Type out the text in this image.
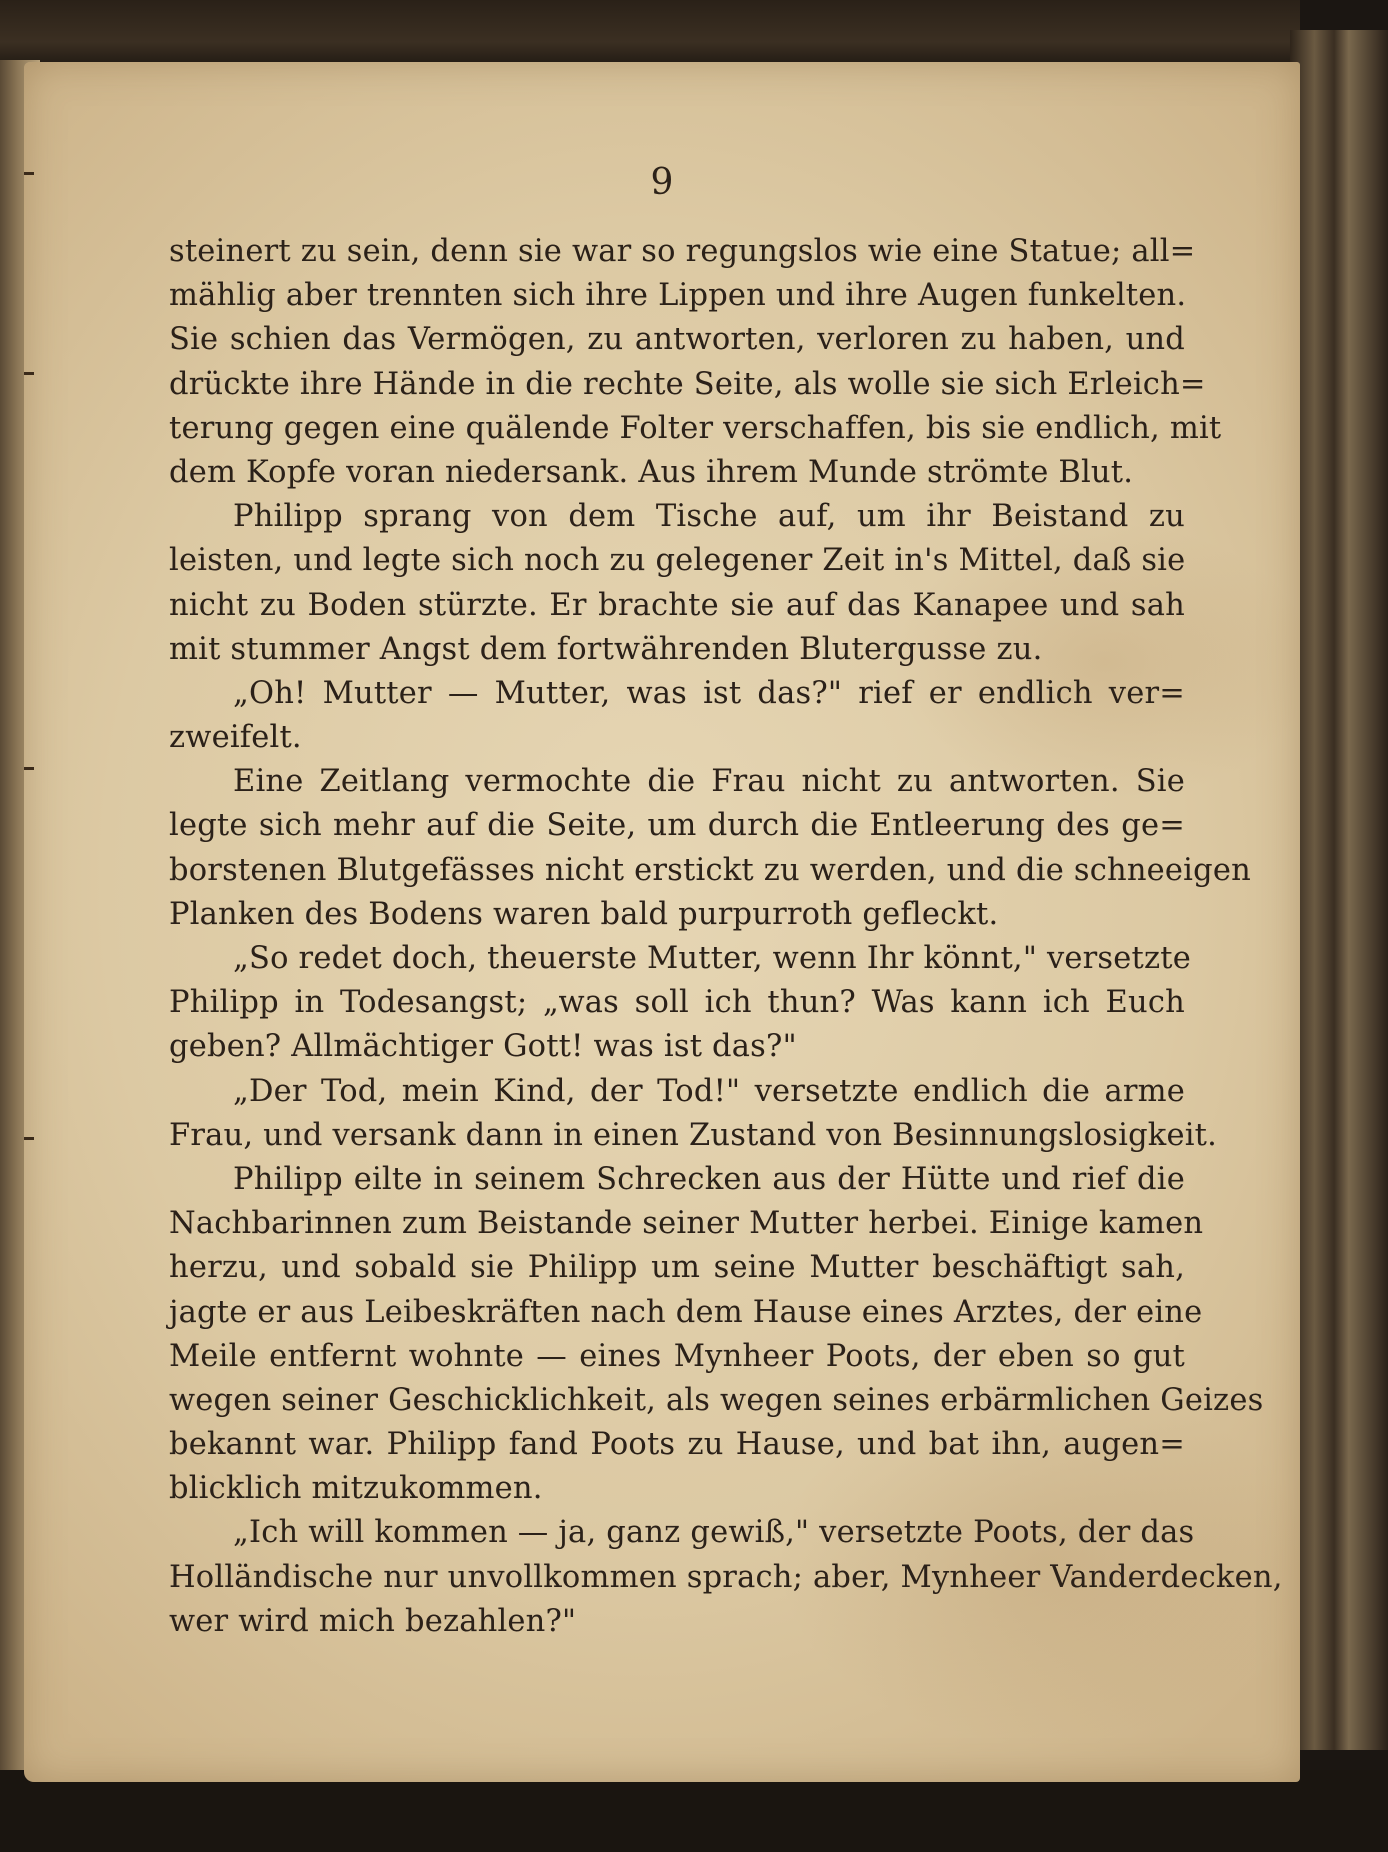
9
steinert zu sein, denn sie war so regungslos wie eine Statue; all=
mählig aber trennten sich ihre Lippen und ihre Augen funkelten.
Sie schien das Vermögen, zu antworten, verloren zu haben, und
drückte ihre Hände in die rechte Seite, als wolle sie sich Erleich=
terung gegen eine quälende Folter verschaffen, bis sie endlich, mit
dem Kopfe voran niedersank. Aus ihrem Munde strömte Blut.
Philipp sprang von dem Tische auf, um ihr Beistand zu
leisten, und legte sich noch zu gelegener Zeit in's Mittel, daß sie
nicht zu Boden stürzte. Er brachte sie auf das Kanapee und sah
mit stummer Angst dem fortwährenden Blutergusse zu.
„Oh! Mutter — Mutter, was ist das?" rief er endlich ver=
zweifelt.
Eine Zeitlang vermochte die Frau nicht zu antworten. Sie
legte sich mehr auf die Seite, um durch die Entleerung des ge=
borstenen Blutgefässes nicht erstickt zu werden, und die schneeigen
Planken des Bodens waren bald purpurroth gefleckt.
„So redet doch, theuerste Mutter, wenn Ihr könnt," versetzte
Philipp in Todesangst; „was soll ich thun? Was kann ich Euch
geben? Allmächtiger Gott! was ist das?"
„Der Tod, mein Kind, der Tod!" versetzte endlich die arme
Frau, und versank dann in einen Zustand von Besinnungslosigkeit.
Philipp eilte in seinem Schrecken aus der Hütte und rief die
Nachbarinnen zum Beistande seiner Mutter herbei. Einige kamen
herzu, und sobald sie Philipp um seine Mutter beschäftigt sah,
jagte er aus Leibeskräften nach dem Hause eines Arztes, der eine
Meile entfernt wohnte — eines Mynheer Poots, der eben so gut
wegen seiner Geschicklichkeit, als wegen seines erbärmlichen Geizes
bekannt war. Philipp fand Poots zu Hause, und bat ihn, augen=
blicklich mitzukommen.
„Ich will kommen — ja, ganz gewiß," versetzte Poots, der das
Holländische nur unvollkommen sprach; aber, Mynheer Vanderdecken,
wer wird mich bezahlen?"
